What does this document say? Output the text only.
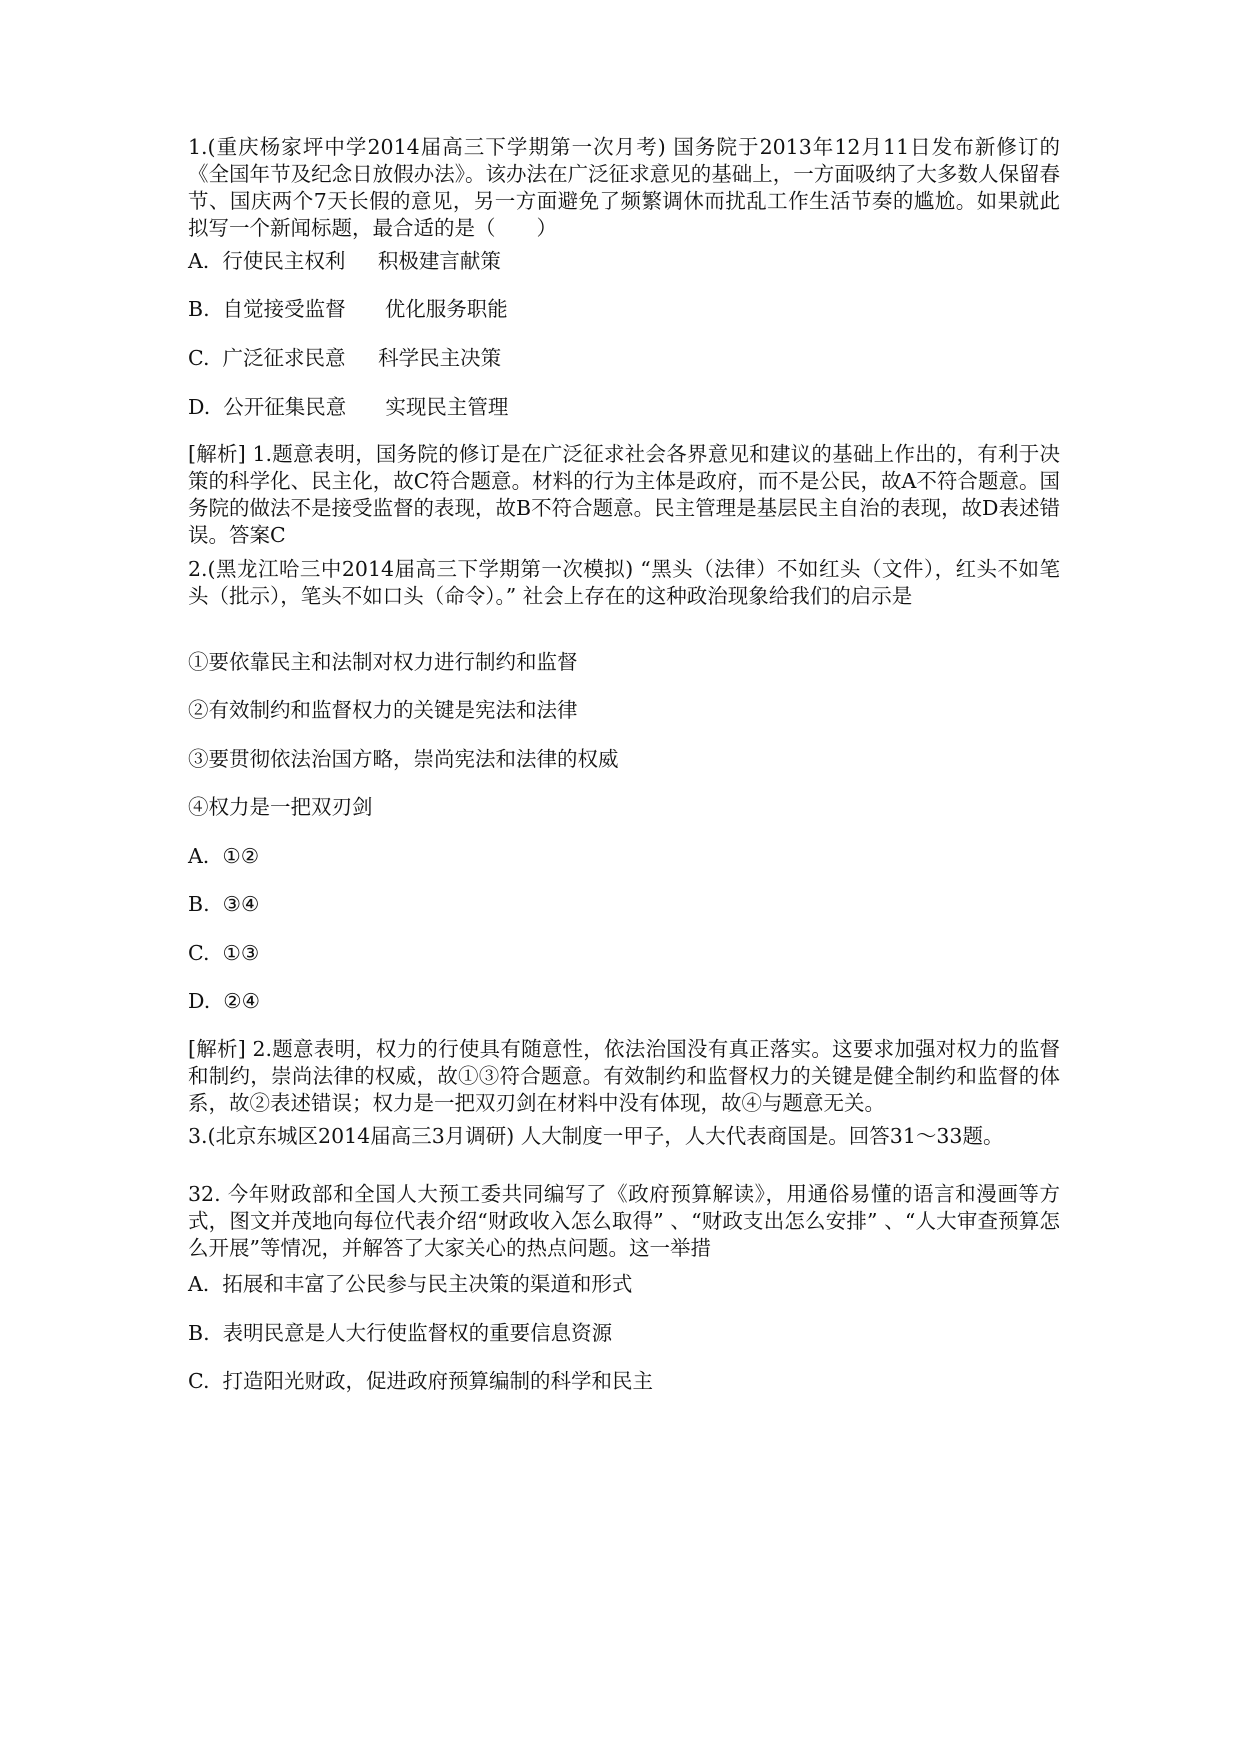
1.(重庆杨家坪中学2014届高三下学期第一次月考) 国务院于2013年12月11日发布新修订的《全国年节及纪念日放假办法》。该办法在广泛征求意见的基础上，一方面吸纳了大多数人保留春节、国庆两个7天长假的意见，另一方面避免了频繁调休而扰乱工作生活节奏的尴尬。如果就此拟写一个新闻标题，最合适的是（　　）

A.  行使民主权利     积极建言献策

B.  自觉接受监督      优化服务职能

C.  广泛征求民意     科学民主决策

D.  公开征集民意      实现民主管理

[解析] 1.题意表明，国务院的修订是在广泛征求社会各界意见和建议的基础上作出的，有利于决策的科学化、民主化，故C符合题意。材料的行为主体是政府，而不是公民，故A不符合题意。国务院的做法不是接受监督的表现，故B不符合题意。民主管理是基层民主自治的表现，故D表述错误。答案C

2.(黑龙江哈三中2014届高三下学期第一次模拟) “黑头（法律）不如红头（文件），红头不如笔头（批示），笔头不如口头（命令）。” 社会上存在的这种政治现象给我们的启示是

①要依靠民主和法制对权力进行制约和监督

②有效制约和监督权力的关键是宪法和法律

③要贯彻依法治国方略，崇尚宪法和法律的权威

④权力是一把双刃剑

A.  ①②

B.  ③④

C.  ①③

D.  ②④

[解析] 2.题意表明，权力的行使具有随意性，依法治国没有真正落实。这要求加强对权力的监督和制约，崇尚法律的权威，故①③符合题意。有效制约和监督权力的关键是健全制约和监督的体系，故②表述错误；权力是一把双刃剑在材料中没有体现，故④与题意无关。

3.(北京东城区2014届高三3月调研) 人大制度一甲子，人大代表商国是。回答31～33题。

32. 今年财政部和全国人大预工委共同编写了《政府预算解读》，用通俗易懂的语言和漫画等方式，图文并茂地向每位代表介绍“财政收入怎么取得” 、“财政支出怎么安排” 、“人大审查预算怎么开展”等情况，并解答了大家关心的热点问题。这一举措

A.  拓展和丰富了公民参与民主决策的渠道和形式

B.  表明民意是人大行使监督权的重要信息资源

C.  打造阳光财政，促进政府预算编制的科学和民主
